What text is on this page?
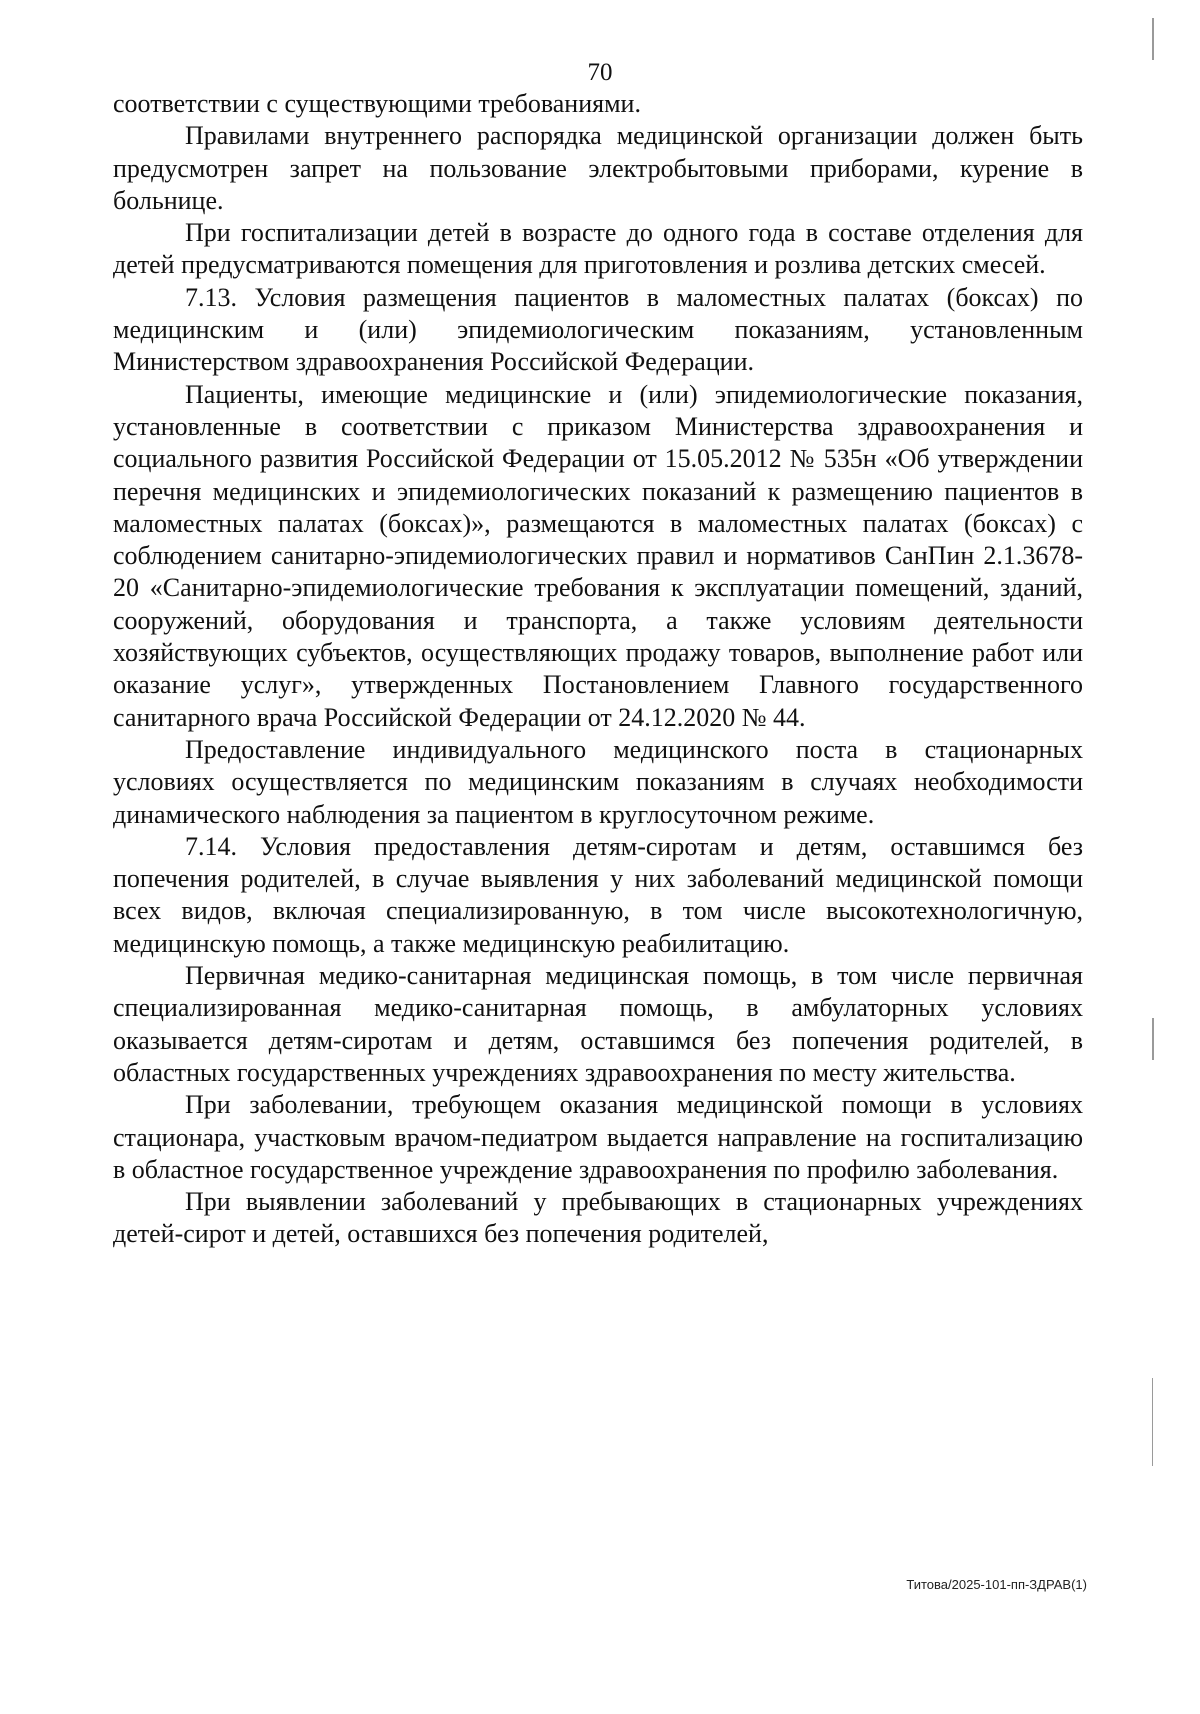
70

соответствии с существующими требованиями.

Правилами внутреннего распорядка медицинской организации должен быть предусмотрен запрет на пользование электробытовыми приборами, курение в больнице.

При госпитализации детей в возрасте до одного года в составе отделения для детей предусматриваются помещения для приготовления и розлива детских смесей.

7.13. Условия размещения пациентов в маломестных палатах (боксах) по медицинским и (или) эпидемиологическим показаниям, установленным Министерством здравоохранения Российской Федерации.

Пациенты, имеющие медицинские и (или) эпидемиологические показания, установленные в соответствии с приказом Министерства здравоохранения и социального развития Российской Федерации от 15.05.2012 № 535н «Об утверждении перечня медицинских и эпидемиологических показаний к размещению пациентов в маломестных палатах (боксах)», размещаются в маломестных палатах (боксах) с соблюдением санитарно-эпидемиологических правил и нормативов СанПин 2.1.3678-20 «Санитарно-эпидемиологические требования к эксплуатации помещений, зданий, сооружений, оборудования и транспорта, а также условиям деятельности хозяйствующих субъектов, осуществляющих продажу товаров, выполнение работ или оказание услуг», утвержденных Постановлением Главного государственного санитарного врача Российской Федерации от 24.12.2020 № 44.

Предоставление индивидуального медицинского поста в стационарных условиях осуществляется по медицинским показаниям в случаях необходимости динамического наблюдения за пациентом в круглосуточном режиме.

7.14. Условия предоставления детям-сиротам и детям, оставшимся без попечения родителей, в случае выявления у них заболеваний медицинской помощи всех видов, включая специализированную, в том числе высокотехнологичную, медицинскую помощь, а также медицинскую реабилитацию.

Первичная медико-санитарная медицинская помощь, в том числе первичная специализированная медико-санитарная помощь, в амбулаторных условиях оказывается детям-сиротам и детям, оставшимся без попечения родителей, в областных государственных учреждениях здравоохранения по месту жительства.

При заболевании, требующем оказания медицинской помощи в условиях стационара, участковым врачом-педиатром выдается направление на госпитализацию в областное государственное учреждение здравоохранения по профилю заболевания.

При выявлении заболеваний у пребывающих в стационарных учреждениях детей-сирот и детей, оставшихся без попечения родителей,

Титова/2025-101-пп-ЗДРАВ(1)
